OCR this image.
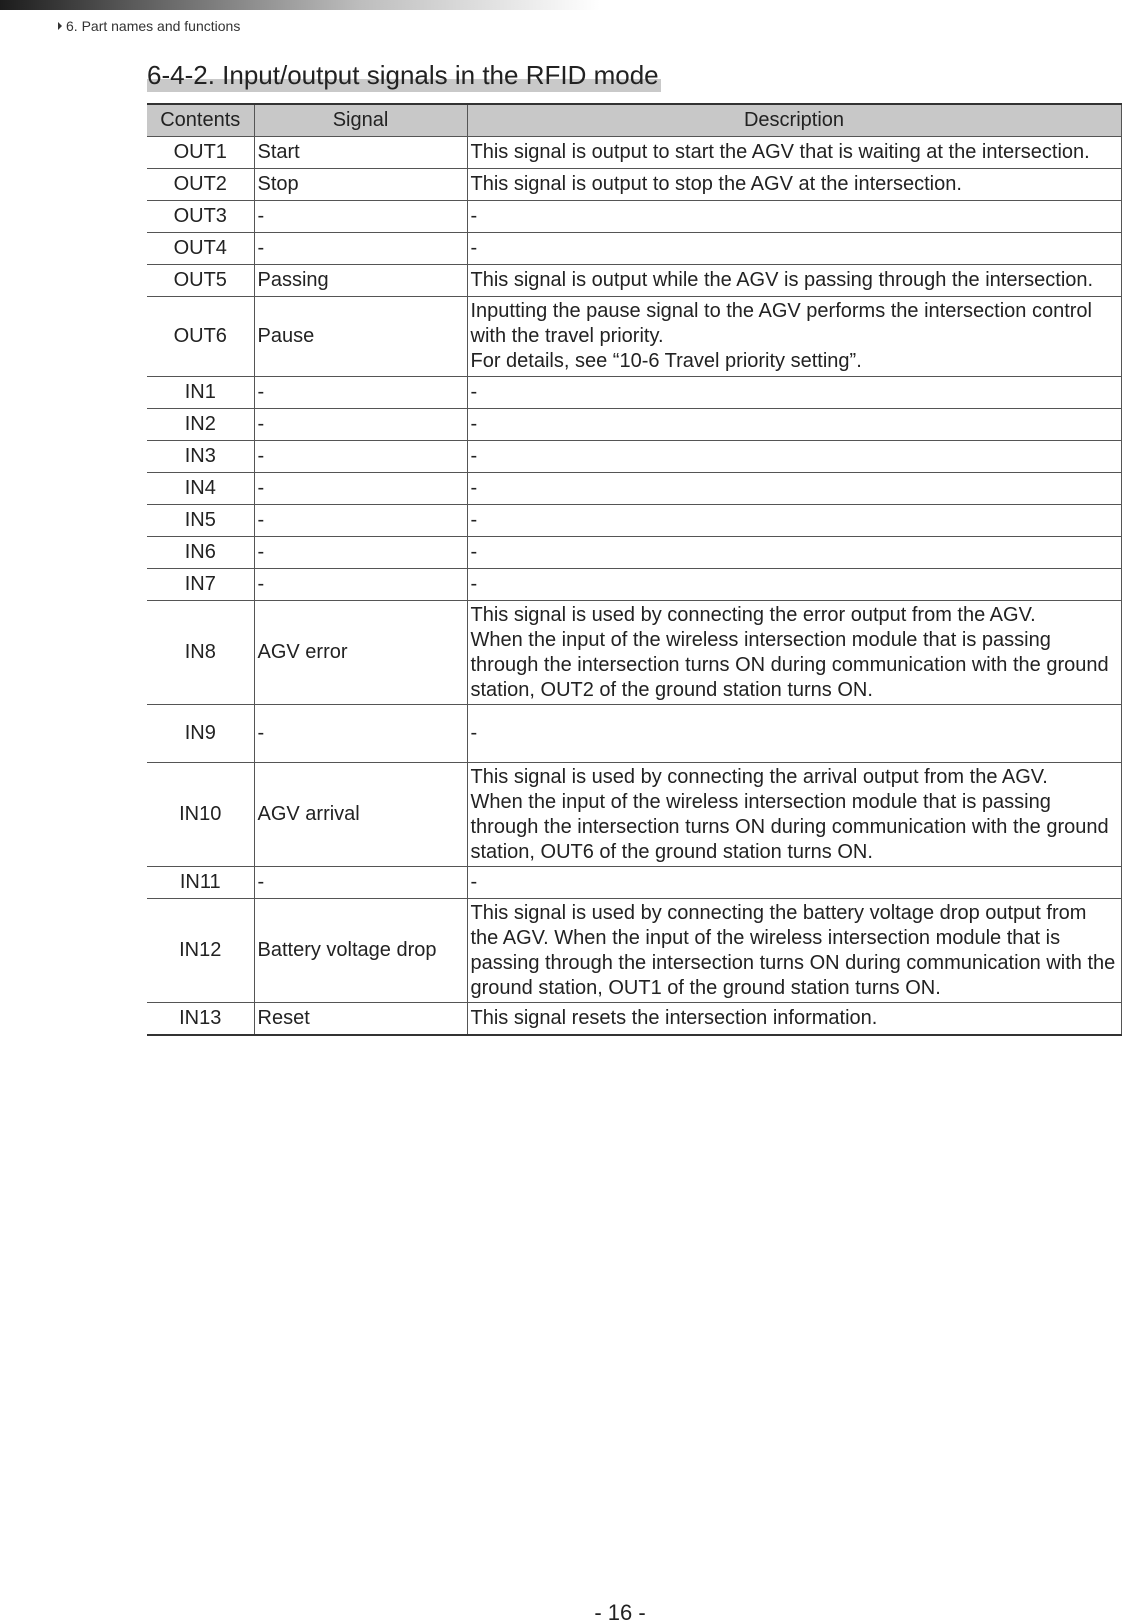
6. Part names and functions
6-4-2. Input/output signals in the RFID mode
Contents	Signal	Description
OUT1	Start	This signal is output to start the AGV that is waiting at the intersection.
OUT2	Stop	This signal is output to stop the AGV at the intersection.
OUT3	-	-
OUT4	-	-
OUT5	Passing	This signal is output while the AGV is passing through the intersection.
OUT6	Pause	Inputting the pause signal to the AGV performs the intersection control with the travel priority.
For details, see “10-6 Travel priority setting”.
IN1	-	-
IN2	-	-
IN3	-	-
IN4	-	-
IN5	-	-
IN6	-	-
IN7	-	-
IN8	AGV error	This signal is used by connecting the error output from the AGV.
When the input of the wireless intersection module that is passing through the intersection turns ON during communication with the ground station, OUT2 of the ground station turns ON.
IN9	-	-
IN10	AGV arrival	This signal is used by connecting the arrival output from the AGV.
When the input of the wireless intersection module that is passing through the intersection turns ON during communication with the ground station, OUT6 of the ground station turns ON.
IN11	-	-
IN12	Battery voltage drop	This signal is used by connecting the battery voltage drop output from the AGV. When the input of the wireless intersection module that is passing through the intersection turns ON during communication with the ground station, OUT1 of the ground station turns ON.
IN13	Reset	This signal resets the intersection information.
- 16 -
